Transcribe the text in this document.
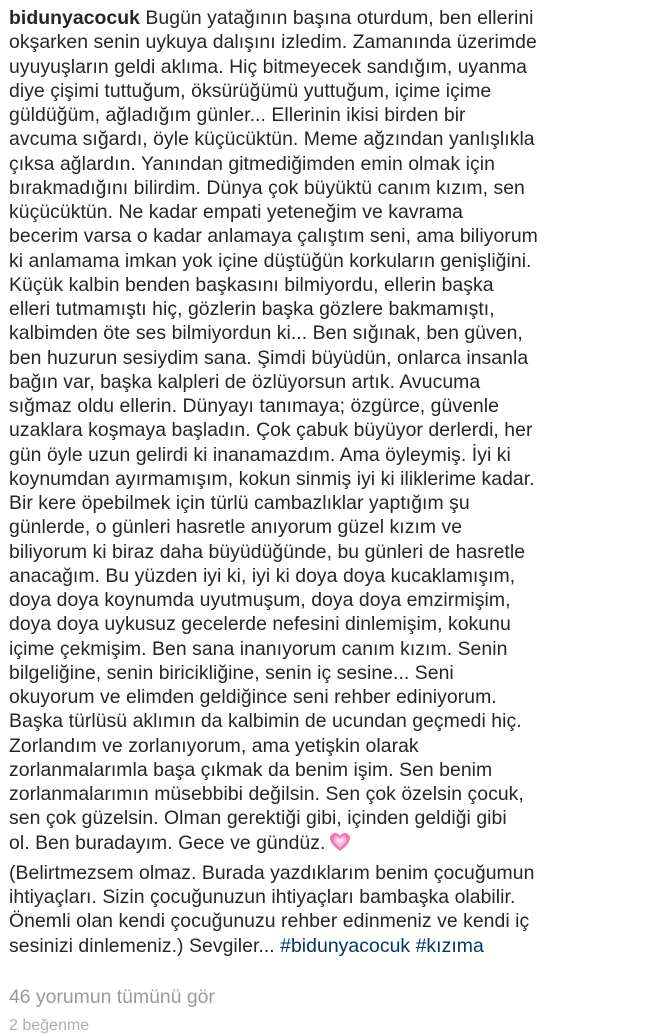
bidunyacocuk Bugün yatağının başına oturdum, ben ellerini
okşarken senin uykuya dalışını izledim. Zamanında üzerimde
uyuyuşların geldi aklıma. Hiç bitmeyecek sandığım, uyanma
diye çişimi tuttuğum, öksürüğümü yuttuğum, içime içime
güldüğüm, ağladığım günler... Ellerinin ikisi birden bir
avcuma sığardı, öyle küçücüktün. Meme ağzından yanlışlıkla
çıksa ağlardın. Yanından gitmediğimden emin olmak için
bırakmadığını bilirdim. Dünya çok büyüktü canım kızım, sen
küçücüktün. Ne kadar empati yeteneğim ve kavrama
becerim varsa o kadar anlamaya çalıştım seni, ama biliyorum
ki anlamama imkan yok içine düştüğün korkuların genişliğini.
Küçük kalbin benden başkasını bilmiyordu, ellerin başka
elleri tutmamıştı hiç, gözlerin başka gözlere bakmamıştı,
kalbimden öte ses bilmiyordun ki... Ben sığınak, ben güven,
ben huzurun sesiydim sana. Şimdi büyüdün, onlarca insanla
bağın var, başka kalpleri de özlüyorsun artık. Avucuma
sığmaz oldu ellerin. Dünyayı tanımaya; özgürce, güvenle
uzaklara koşmaya başladın. Çok çabuk büyüyor derlerdi, her
gün öyle uzun gelirdi ki inanamazdım. Ama öyleymiş. İyi ki
koynumdan ayırmamışım, kokun sinmiş iyi ki iliklerime kadar.
Bir kere öpebilmek için türlü cambazlıklar yaptığım şu
günlerde, o günleri hasretle anıyorum güzel kızım ve
biliyorum ki biraz daha büyüdüğünde, bu günleri de hasretle
anacağım. Bu yüzden iyi ki, iyi ki doya doya kucaklamışım,
doya doya koynumda uyutmuşum, doya doya emzirmişim,
doya doya uykusuz gecelerde nefesini dinlemişim, kokunu
içime çekmişim. Ben sana inanıyorum canım kızım. Senin
bilgeliğine, senin biricikliğine, senin iç sesine... Seni
okuyorum ve elimden geldiğince seni rehber ediniyorum.
Başka türlüsü aklımın da kalbimin de ucundan geçmedi hiç.
Zorlandım ve zorlanıyorum, ama yetişkin olarak
zorlanmalarımla başa çıkmak da benim işim. Sen benim
zorlanmalarımın müsebbibi değilsin. Sen çok özelsin çocuk,
sen çok güzelsin. Olman gerektiği gibi, içinden geldiği gibi
ol. Ben buradayım. Gece ve gündüz.
(Belirtmezsem olmaz. Burada yazdıklarım benim çocuğumun
ihtiyaçları. Sizin çocuğunuzun ihtiyaçları bambaşka olabilir.
Önemli olan kendi çocuğunuzu rehber edinmeniz ve kendi iç
sesinizi dinlemeniz.) Sevgiler... #bidunyacocuk #kızıma
46 yorumun tümünü gör
2 beğenme
